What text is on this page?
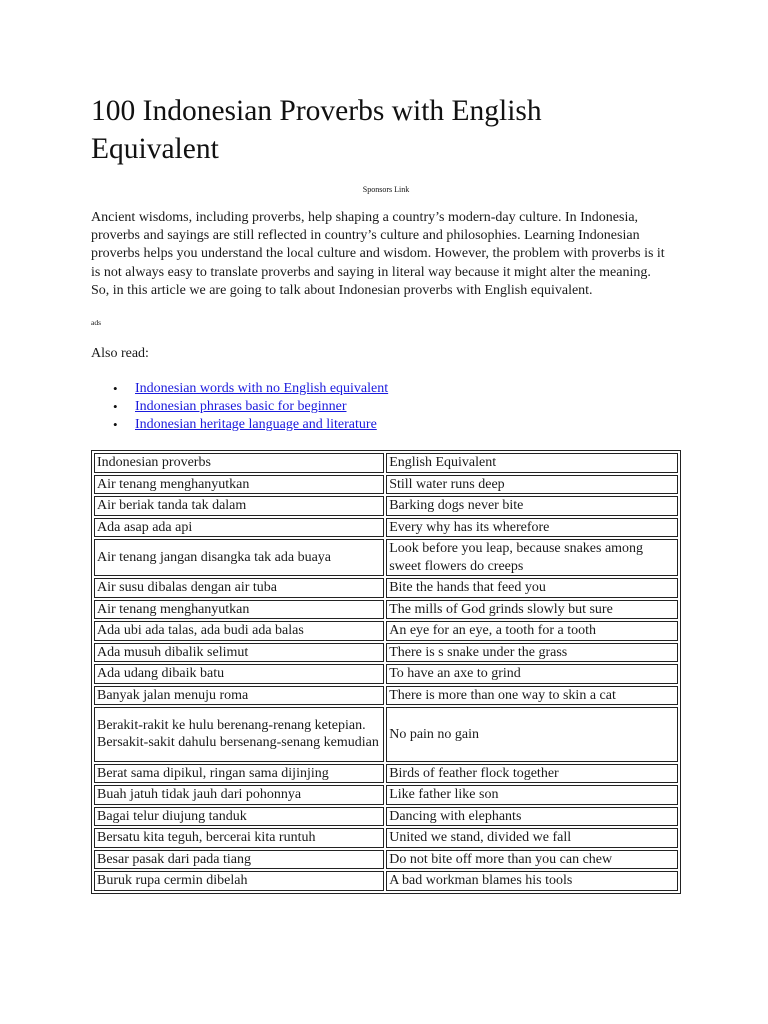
100 Indonesian Proverbs with English Equivalent
Sponsors Link

Ancient wisdoms, including proverbs, help shaping a country’s modern-day culture. In Indonesia, proverbs and sayings are still reflected in country’s culture and philosophies. Learning Indonesian proverbs helps you understand the local culture and wisdom. However, the problem with proverbs is it is not always easy to translate proverbs and saying in literal way because it might alter the meaning. So, in this article we are going to talk about Indonesian proverbs with English equivalent.

ads
Also read:
• Indonesian words with no English equivalent
• Indonesian phrases basic for beginner
• Indonesian heritage language and literature
Indonesian proverbs	English Equivalent
Air tenang menghanyutkan	Still water runs deep
Air beriak tanda tak dalam	Barking dogs never bite
Ada asap ada api	Every why has its wherefore
Air tenang jangan disangka tak ada buaya	Look before you leap, because snakes among sweet flowers do creeps
Air susu dibalas dengan air tuba	Bite the hands that feed you
Air tenang menghanyutkan	The mills of God grinds slowly but sure
Ada ubi ada talas, ada budi ada balas	An eye for an eye, a tooth for a tooth
Ada musuh dibalik selimut	There is s snake under the grass
Ada udang dibaik batu	To have an axe to grind
Banyak jalan menuju roma	There is more than one way to skin a cat
Berakit-rakit ke hulu berenang-renang ketepian. Bersakit-sakit dahulu bersenang-senang kemudian	No pain no gain
Berat sama dipikul, ringan sama dijinjing	Birds of feather flock together
Buah jatuh tidak jauh dari pohonnya	Like father like son
Bagai telur diujung tanduk	Dancing with elephants
Bersatu kita teguh, bercerai kita runtuh	United we stand, divided we fall
Besar pasak dari pada tiang	Do not bite off more than you can chew
Buruk rupa cermin dibelah	A bad workman blames his tools
